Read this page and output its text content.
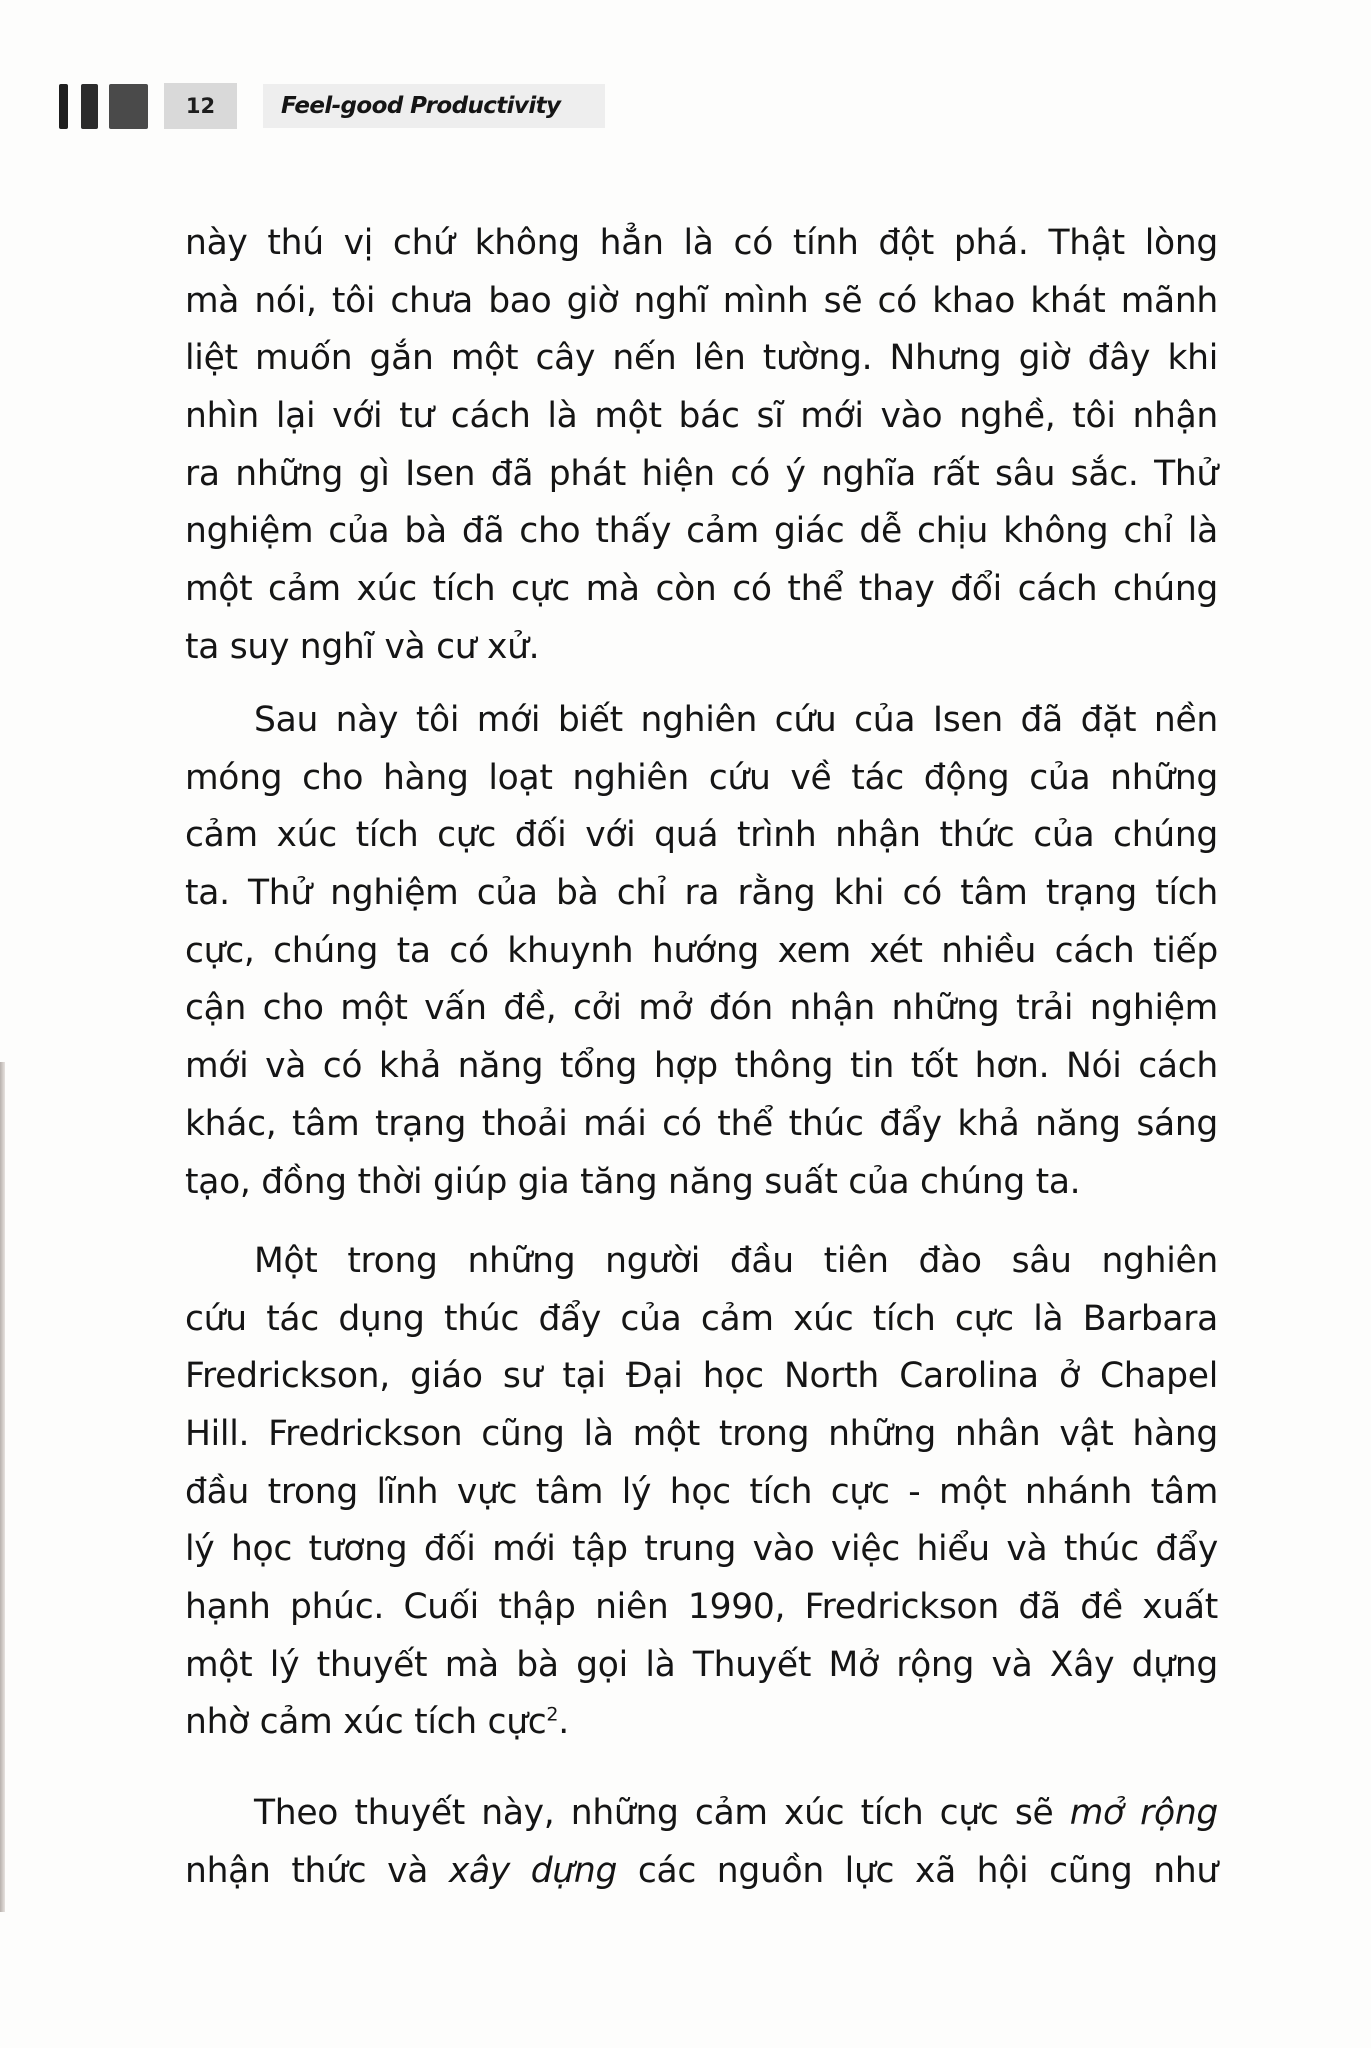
12	Feel-good Productivity
này thú vị chứ không hẳn là có tính đột phá. Thật lòng
mà nói, tôi chưa bao giờ nghĩ mình sẽ có khao khát mãnh
liệt muốn gắn một cây nến lên tường. Nhưng giờ đây khi
nhìn lại với tư cách là một bác sĩ mới vào nghề, tôi nhận
ra những gì Isen đã phát hiện có ý nghĩa rất sâu sắc. Thử
nghiệm của bà đã cho thấy cảm giác dễ chịu không chỉ là
một cảm xúc tích cực mà còn có thể thay đổi cách chúng
ta suy nghĩ và cư xử.
Sau này tôi mới biết nghiên cứu của Isen đã đặt nền
móng cho hàng loạt nghiên cứu về tác động của những
cảm xúc tích cực đối với quá trình nhận thức của chúng
ta. Thử nghiệm của bà chỉ ra rằng khi có tâm trạng tích
cực, chúng ta có khuynh hướng xem xét nhiều cách tiếp
cận cho một vấn đề, cởi mở đón nhận những trải nghiệm
mới và có khả năng tổng hợp thông tin tốt hơn. Nói cách
khác, tâm trạng thoải mái có thể thúc đẩy khả năng sáng
tạo, đồng thời giúp gia tăng năng suất của chúng ta.
Một trong những người đầu tiên đào sâu nghiên
cứu tác dụng thúc đẩy của cảm xúc tích cực là Barbara
Fredrickson, giáo sư tại Đại học North Carolina ở Chapel
Hill. Fredrickson cũng là một trong những nhân vật hàng
đầu trong lĩnh vực tâm lý học tích cực - một nhánh tâm
lý học tương đối mới tập trung vào việc hiểu và thúc đẩy
hạnh phúc. Cuối thập niên 1990, Fredrickson đã đề xuất
một lý thuyết mà bà gọi là Thuyết Mở rộng và Xây dựng
nhờ cảm xúc tích cực$^2$.
Theo thuyết này, những cảm xúc tích cực sẽ mở rộng
nhận thức và xây dựng các nguồn lực xã hội cũng như
